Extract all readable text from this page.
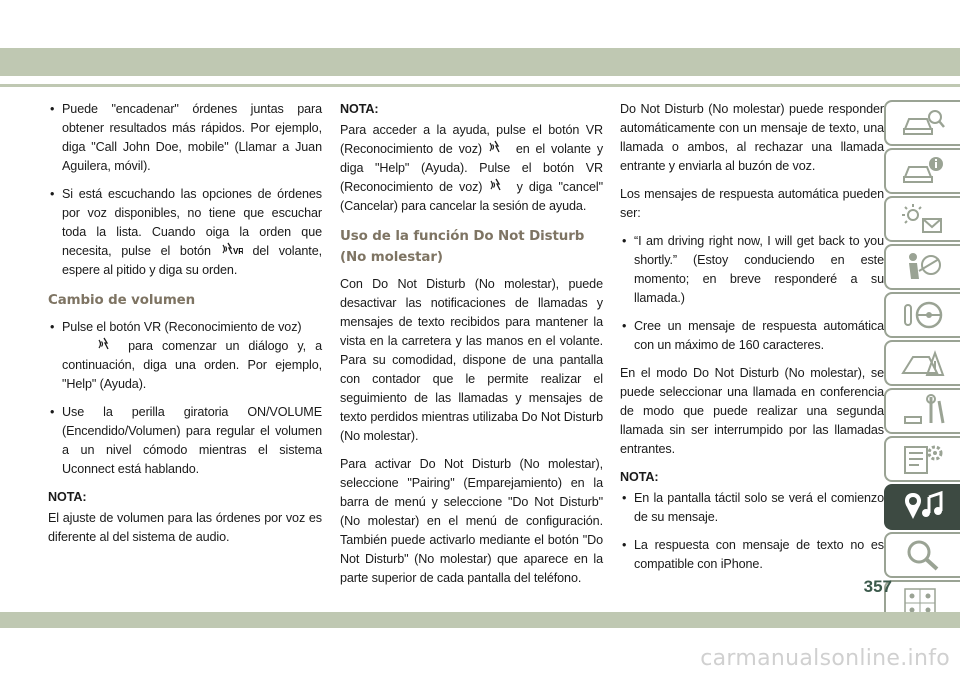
• Puede "encadenar" órdenes juntas para obtener resultados más rápidos. Por ejemplo, diga "Call John Doe, mobile" (Llamar a Juan Aguilera, móvil).
• Si está escuchando las opciones de órdenes por voz disponibles, no tiene que escuchar toda la lista. Cuando oiga la orden que necesita, pulse el botón	VR del volante, espere al pitido y diga su orden.
Cambio de volumen
• Pulse el botón VR (Reconocimiento de voz)
para comenzar un diálogo y, a continuación, diga una orden. Por ejemplo, "Help" (Ayuda).
• Use la perilla giratoria ON/VOLUME (Encendido/Volumen) para regular el volumen a un nivel cómodo mientras el sistema Uconnect está hablando.
NOTA:
El ajuste de volumen para las órdenes por voz es diferente al del sistema de audio.
NOTA:
Para acceder a la ayuda, pulse el botón VR (Reconocimiento de voz)	en el volante y diga "Help" (Ayuda). Pulse el botón VR (Reconocimiento de voz)	y diga "cancel" (Cancelar) para cancelar la sesión de ayuda.
Uso de la función Do Not Disturb (No molestar)
Con Do Not Disturb (No molestar), puede desactivar las notificaciones de llamadas y mensajes de texto recibidos para mantener la vista en la carretera y las manos en el volante. Para su comodidad, dispone de una pantalla con contador que le permite realizar el seguimiento de las llamadas y mensajes de texto perdidos mientras utilizaba Do Not Disturb (No molestar).
Para activar Do Not Disturb (No molestar), seleccione "Pairing" (Emparejamiento) en la barra de menú y seleccione "Do Not Disturb" (No molestar) en el menú de configuración. También puede activarlo mediante el botón "Do Not Disturb" (No molestar) que aparece en la parte superior de cada pantalla del teléfono.
Do Not Disturb (No molestar) puede responder automáticamente con un mensaje de texto, una llamada o ambos, al rechazar una llamada entrante y enviarla al buzón de voz.
Los mensajes de respuesta automática pueden ser:
• “I am driving right now, I will get back to you shortly.” (Estoy conduciendo en este momento; en breve responderé a su llamada.)
• Cree un mensaje de respuesta automática con un máximo de 160 caracteres.
En el modo Do Not Disturb (No molestar), se puede seleccionar una llamada en conferencia de modo que puede realizar una segunda llamada sin ser interrumpido por las llamadas entrantes.
NOTA:
• En la pantalla táctil solo se verá el comienzo de su mensaje.
• La respuesta con mensaje de texto no es compatible con iPhone.
357
carmanualsonline.info
